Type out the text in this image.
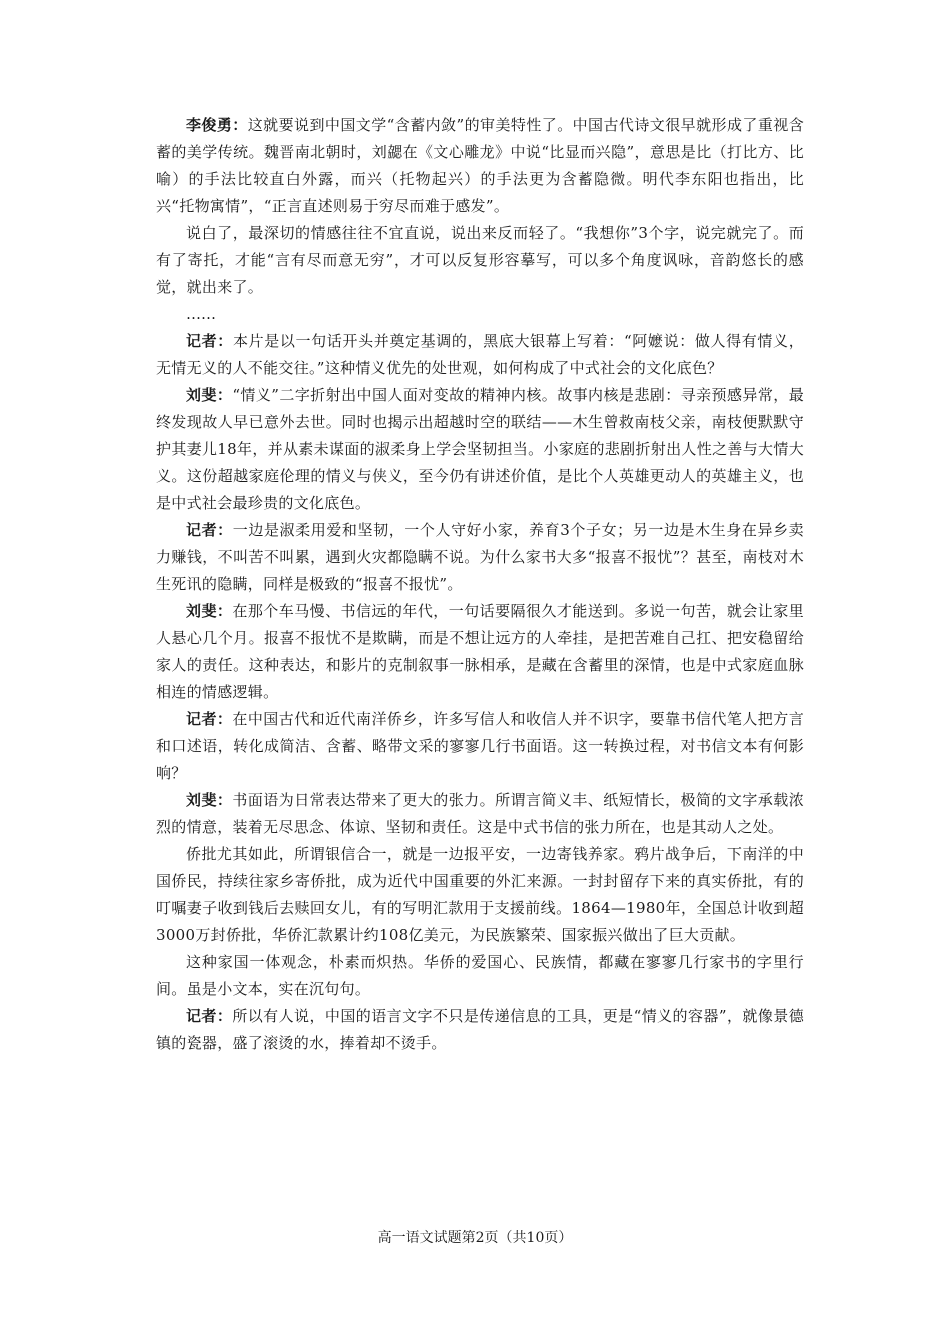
李俊勇：这就要说到中国文学“含蓄内敛”的审美特性了。中国古代诗文很早就形成了重视含蓄的美学传统。魏晋南北朝时，刘勰在《文心雕龙》中说“比显而兴隐”，意思是比（打比方、比喻）的手法比较直白外露，而兴（托物起兴）的手法更为含蓄隐微。明代李东阳也指出，比兴“托物寓情”，“正言直述则易于穷尽而难于感发”。

说白了，最深切的情感往往不宜直说，说出来反而轻了。“我想你”3个字，说完就完了。而有了寄托，才能“言有尽而意无穷”，才可以反复形容摹写，可以多个角度讽咏，音韵悠长的感觉，就出来了。

……

记者：本片是以一句话开头并奠定基调的，黑底大银幕上写着：“阿嬷说：做人得有情义，无情无义的人不能交往。”这种情义优先的处世观，如何构成了中式社会的文化底色？

刘斐：“情义”二字折射出中国人面对变故的精神内核。故事内核是悲剧：寻亲预感异常，最终发现故人早已意外去世。同时也揭示出超越时空的联结——木生曾救南枝父亲，南枝便默默守护其妻儿18年，并从素未谋面的淑柔身上学会坚韧担当。小家庭的悲剧折射出人性之善与大情大义。这份超越家庭伦理的情义与侠义，至今仍有讲述价值，是比个人英雄更动人的英雄主义，也是中式社会最珍贵的文化底色。

记者：一边是淑柔用爱和坚韧，一个人守好小家，养育3个子女；另一边是木生身在异乡卖力赚钱，不叫苦不叫累，遇到火灾都隐瞒不说。为什么家书大多“报喜不报忧”？甚至，南枝对木生死讯的隐瞒，同样是极致的“报喜不报忧”。

刘斐：在那个车马慢、书信远的年代，一句话要隔很久才能送到。多说一句苦，就会让家里人悬心几个月。报喜不报忧不是欺瞒，而是不想让远方的人牵挂，是把苦难自己扛、把安稳留给家人的责任。这种表达，和影片的克制叙事一脉相承，是藏在含蓄里的深情，也是中式家庭血脉相连的情感逻辑。

记者：在中国古代和近代南洋侨乡，许多写信人和收信人并不识字，要靠书信代笔人把方言和口述语，转化成简洁、含蓄、略带文采的寥寥几行书面语。这一转换过程，对书信文本有何影响？

刘斐：书面语为日常表达带来了更大的张力。所谓言简义丰、纸短情长，极简的文字承载浓烈的情意，装着无尽思念、体谅、坚韧和责任。这是中式书信的张力所在，也是其动人之处。

侨批尤其如此，所谓银信合一，就是一边报平安，一边寄钱养家。鸦片战争后，下南洋的中国侨民，持续往家乡寄侨批，成为近代中国重要的外汇来源。一封封留存下来的真实侨批，有的叮嘱妻子收到钱后去赎回女儿，有的写明汇款用于支援前线。1864—1980年，全国总计收到超3000万封侨批，华侨汇款累计约108亿美元，为民族繁荣、国家振兴做出了巨大贡献。

这种家国一体观念，朴素而炽热。华侨的爱国心、民族情，都藏在寥寥几行家书的字里行间。虽是小文本，实在沉句句。

记者：所以有人说，中国的语言文字不只是传递信息的工具，更是“情义的容器”，就像景德镇的瓷器，盛了滚烫的水，捧着却不烫手。

高一语文试题第2页（共10页）
